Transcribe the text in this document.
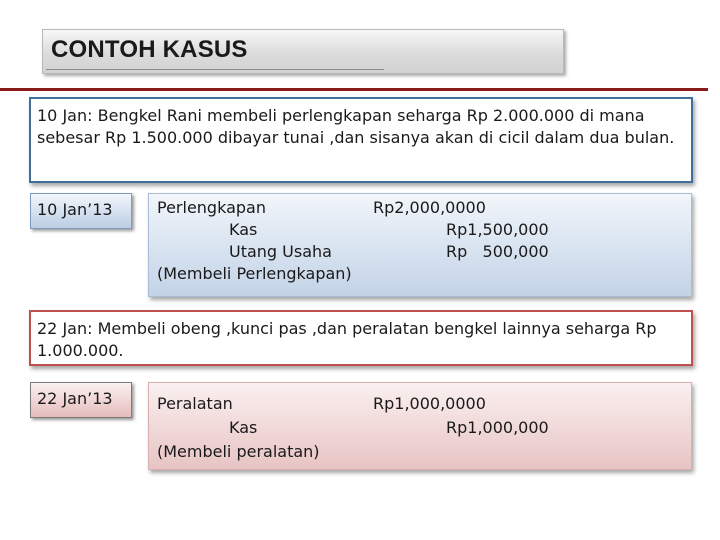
CONTOH KASUS
10 Jan: Bengkel Rani membeli perlengkapan seharga Rp 2.000.000 di mana sebesar Rp 1.500.000 dibayar tunai ,dan sisanya akan di cicil dalam dua bulan.
10 Jan’13	Perlengkapan	Rp2,000,0000
Kas	Rp1,500,000
Utang Usaha	Rp   500,000
(Membeli Perlengkapan)
22 Jan: Membeli obeng ,kunci pas ,dan peralatan bengkel lainnya seharga Rp 1.000.000.
22 Jan’13	Peralatan	Rp1,000,0000
Kas	Rp1,000,000
(Membeli peralatan)
